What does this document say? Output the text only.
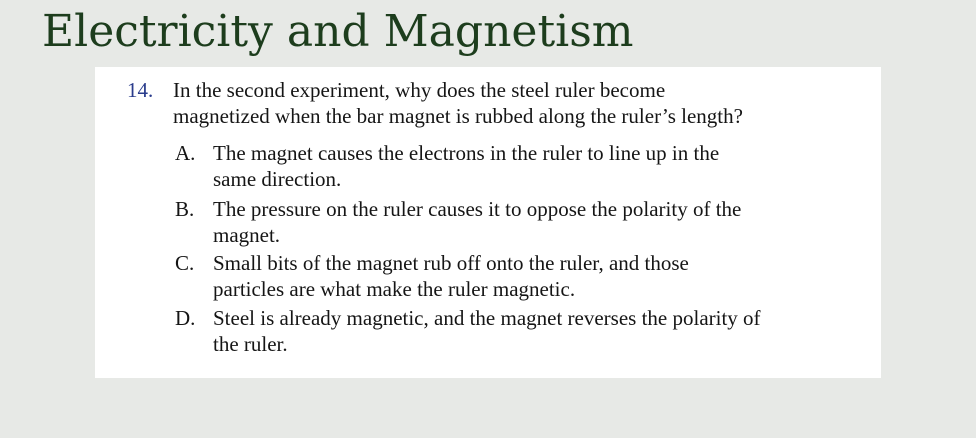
Electricity and Magnetism
14. In the second experiment, why does the steel ruler become
magnetized when the bar magnet is rubbed along the ruler’s length?
A. The magnet causes the electrons in the ruler to line up in the
same direction.
B. The pressure on the ruler causes it to oppose the polarity of the
magnet.
C. Small bits of the magnet rub off onto the ruler, and those
particles are what make the ruler magnetic.
D. Steel is already magnetic, and the magnet reverses the polarity of
the ruler.
